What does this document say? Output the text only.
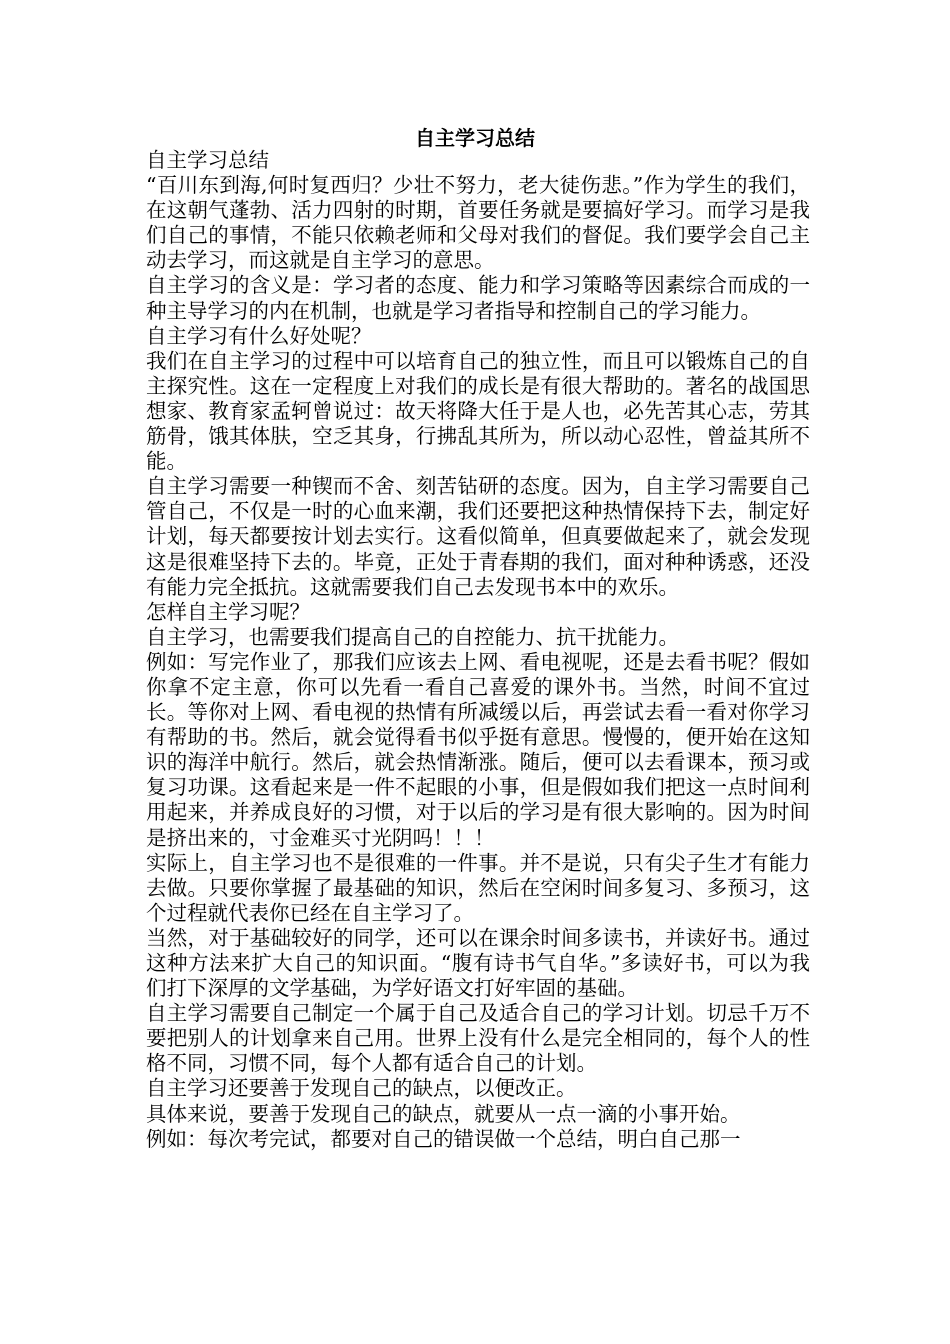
自主学习总结

自主学习总结

“百川东到海,何时复西归？少壮不努力，老大徒伤悲。”作为学生的我们，在这朝气蓬勃、活力四射的时期，首要任务就是要搞好学习。而学习是我们自己的事情，不能只依赖老师和父母对我们的督促。我们要学会自己主动去学习，而这就是自主学习的意思。

自主学习的含义是：学习者的态度、能力和学习策略等因素综合而成的一种主导学习的内在机制，也就是学习者指导和控制自己的学习能力。

自主学习有什么好处呢？

我们在自主学习的过程中可以培育自己的独立性，而且可以锻炼自己的自主探究性。这在一定程度上对我们的成长是有很大帮助的。著名的战国思想家、教育家孟轲曾说过：故天将降大任于是人也，必先苦其心志，劳其筋骨，饿其体肤，空乏其身，行拂乱其所为，所以动心忍性，曾益其所不能。

自主学习需要一种锲而不舍、刻苦钻研的态度。因为，自主学习需要自己管自己，不仅是一时的心血来潮，我们还要把这种热情保持下去，制定好计划，每天都要按计划去实行。这看似简单，但真要做起来了，就会发现这是很难坚持下去的。毕竟，正处于青春期的我们，面对种种诱惑，还没有能力完全抵抗。这就需要我们自己去发现书本中的欢乐。

怎样自主学习呢？

自主学习，也需要我们提高自己的自控能力、抗干扰能力。

例如：写完作业了，那我们应该去上网、看电视呢，还是去看书呢？假如你拿不定主意，你可以先看一看自己喜爱的课外书。当然，时间不宜过长。等你对上网、看电视的热情有所减缓以后，再尝试去看一看对你学习有帮助的书。然后，就会觉得看书似乎挺有意思。慢慢的，便开始在这知识的海洋中航行。然后，就会热情渐涨。随后，便可以去看课本，预习或复习功课。这看起来是一件不起眼的小事，但是假如我们把这一点时间利用起来，并养成良好的习惯，对于以后的学习是有很大影响的。因为时间是挤出来的，寸金难买寸光阴吗！！！

实际上，自主学习也不是很难的一件事。并不是说，只有尖子生才有能力去做。只要你掌握了最基础的知识，然后在空闲时间多复习、多预习，这个过程就代表你已经在自主学习了。

当然，对于基础较好的同学，还可以在课余时间多读书，并读好书。通过这种方法来扩大自己的知识面。“腹有诗书气自华。”多读好书，可以为我们打下深厚的文学基础，为学好语文打好牢固的基础。

自主学习需要自己制定一个属于自己及适合自己的学习计划。切忌千万不要把别人的计划拿来自己用。世界上没有什么是完全相同的，每个人的性格不同，习惯不同，每个人都有适合自己的计划。

自主学习还要善于发现自己的缺点，以便改正。

具体来说，要善于发现自己的缺点，就要从一点一滴的小事开始。

例如：每次考完试，都要对自己的错误做一个总结，明白自己那一
